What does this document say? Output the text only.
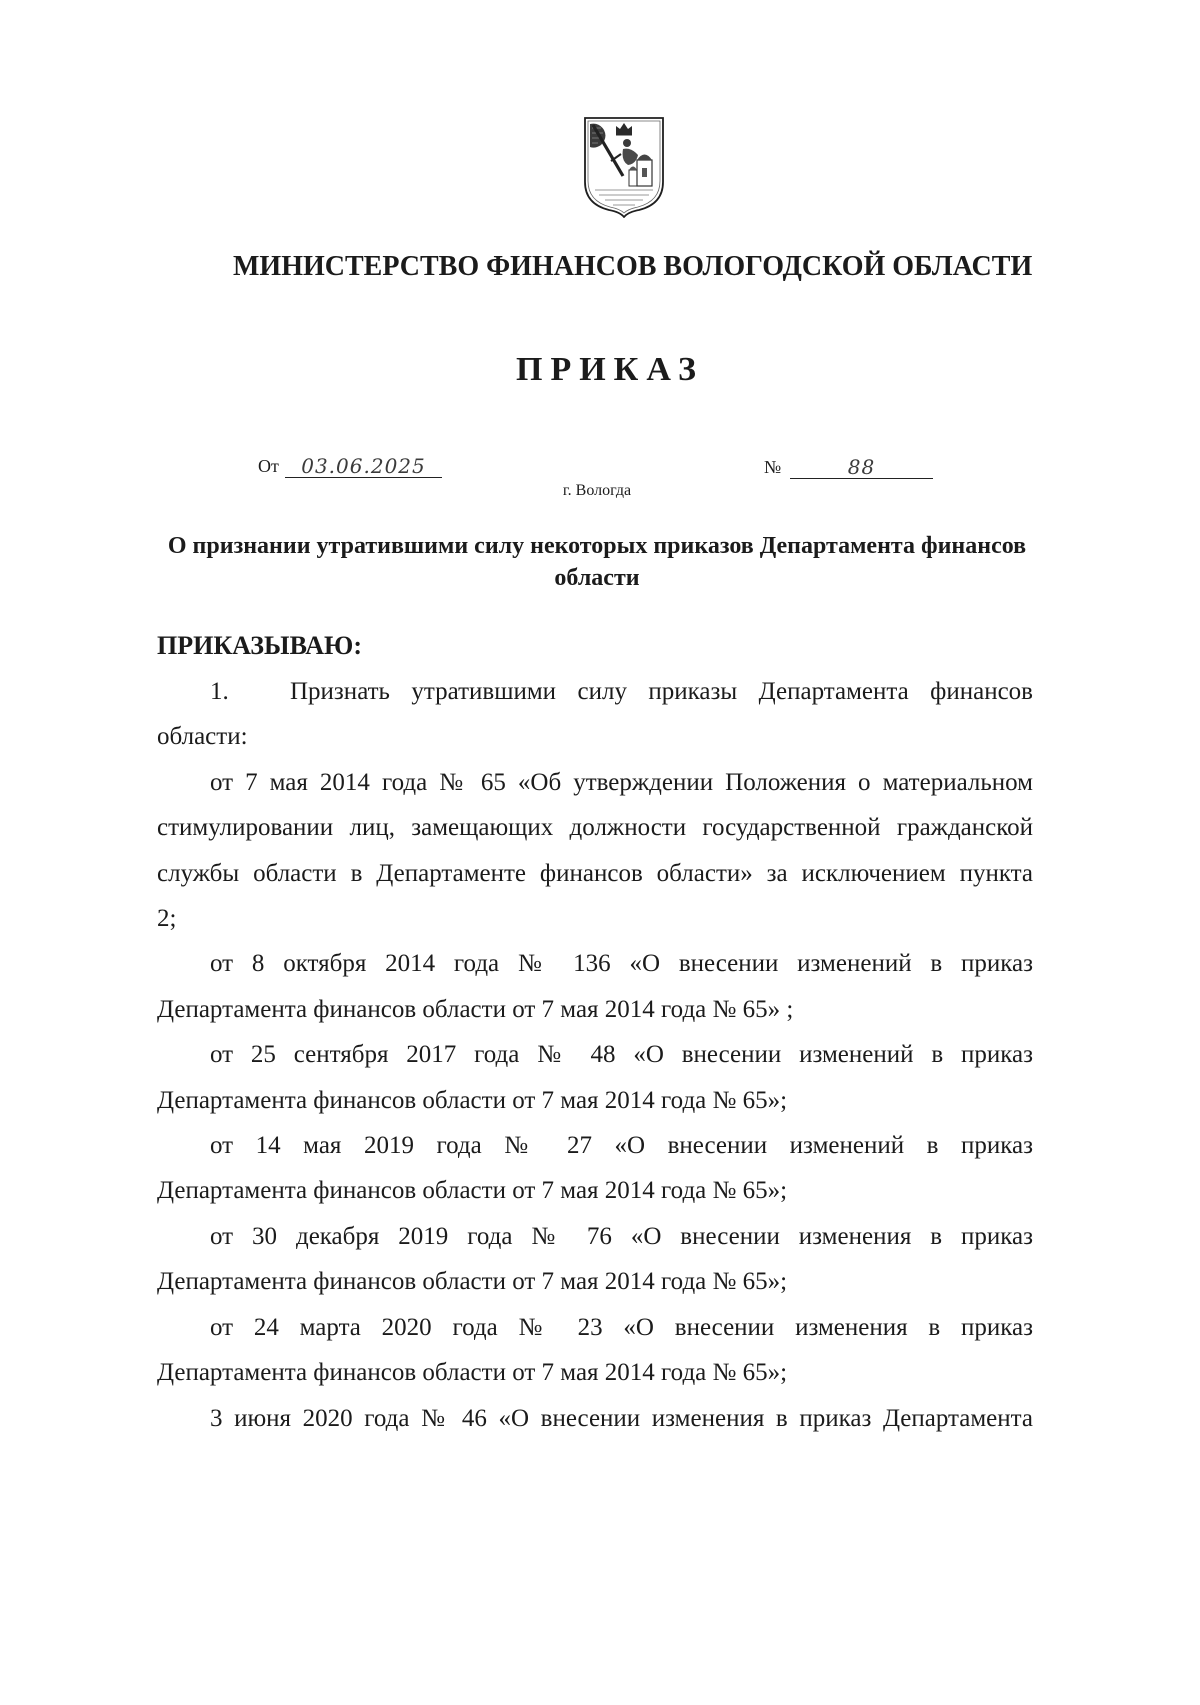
МИНИСТЕРСТВО ФИНАНСОВ ВОЛОГОДСКОЙ ОБЛАСТИ
ПРИКАЗ
От	03.06.2025	№	88
г. Вологда
О признании утратившими силу некоторых приказов Департамента финансов области
ПРИКАЗЫВАЮ:
1. Признать утратившими силу приказы Департамента финансов
области:
от 7 мая 2014 года № 65 «Об утверждении Положения о материальном
стимулировании лиц, замещающих должности государственной гражданской
службы области в Департаменте финансов области» за исключением пункта
2;
от 8 октября 2014 года № 136 «О внесении изменений в приказ
Департамента финансов области от 7 мая 2014 года № 65» ;
от 25 сентября 2017 года № 48 «О внесении изменений в приказ
Департамента финансов области от 7 мая 2014 года № 65»;
от 14 мая 2019 года № 27 «О внесении изменений в приказ
Департамента финансов области от 7 мая 2014 года № 65»;
от 30 декабря 2019 года № 76 «О внесении изменения в приказ
Департамента финансов области от 7 мая 2014 года № 65»;
от 24 марта 2020 года № 23 «О внесении изменения в приказ
Департамента финансов области от 7 мая 2014 года № 65»;
3 июня 2020 года № 46 «О внесении изменения в приказ Департамента
